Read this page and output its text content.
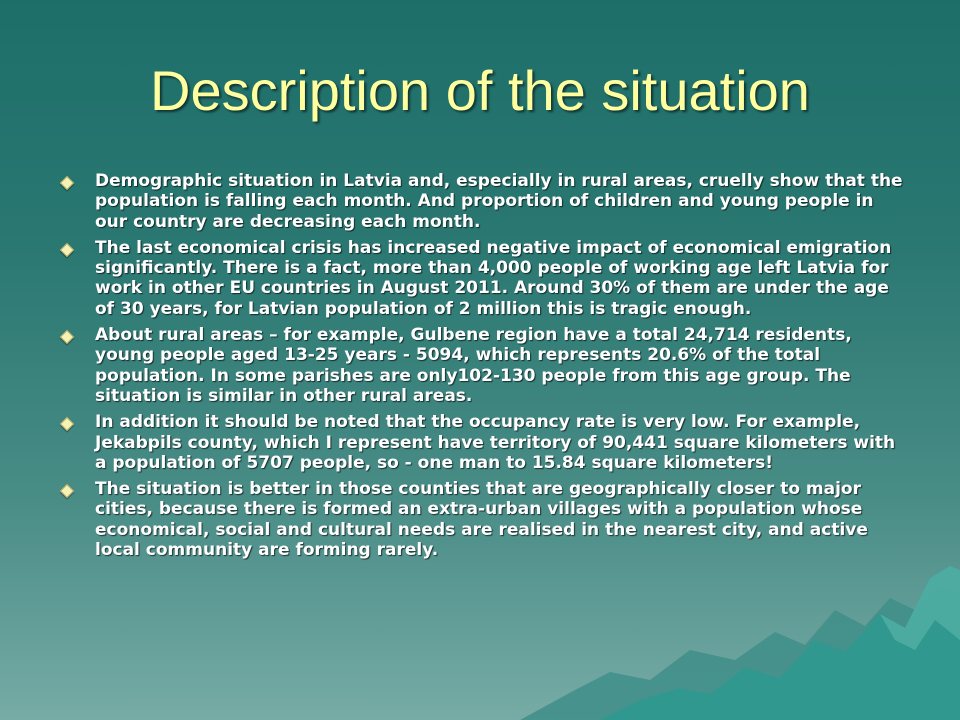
Description of the situation
Demographic situation in Latvia and, especially in rural areas, cruelly show that the population is falling each month. And proportion of children and young people in our country are decreasing each month.
The last economical crisis has increased negative impact of economical emigration significantly. There is a fact, more than 4,000 people of working age left Latvia for work in other EU countries in August 2011. Around 30% of them are under the age of 30 years, for Latvian population of 2 million this is tragic enough.
About rural areas – for example, Gulbene region have a total 24,714 residents, young people aged 13-25 years - 5094, which represents 20.6% of the total population. In some parishes are only102-130 people from this age group. The situation is similar in other rural areas.
In addition it should be noted that the occupancy rate is very low. For example, Jekabpils county, which I represent have territory of 90,441 square kilometers with a population of 5707 people, so - one man to 15.84 square kilometers!
The situation is better in those counties that are geographically closer to major cities, because there is formed an extra-urban villages with a population whose economical, social and cultural needs are realised in the nearest city, and active local community are forming rarely.
